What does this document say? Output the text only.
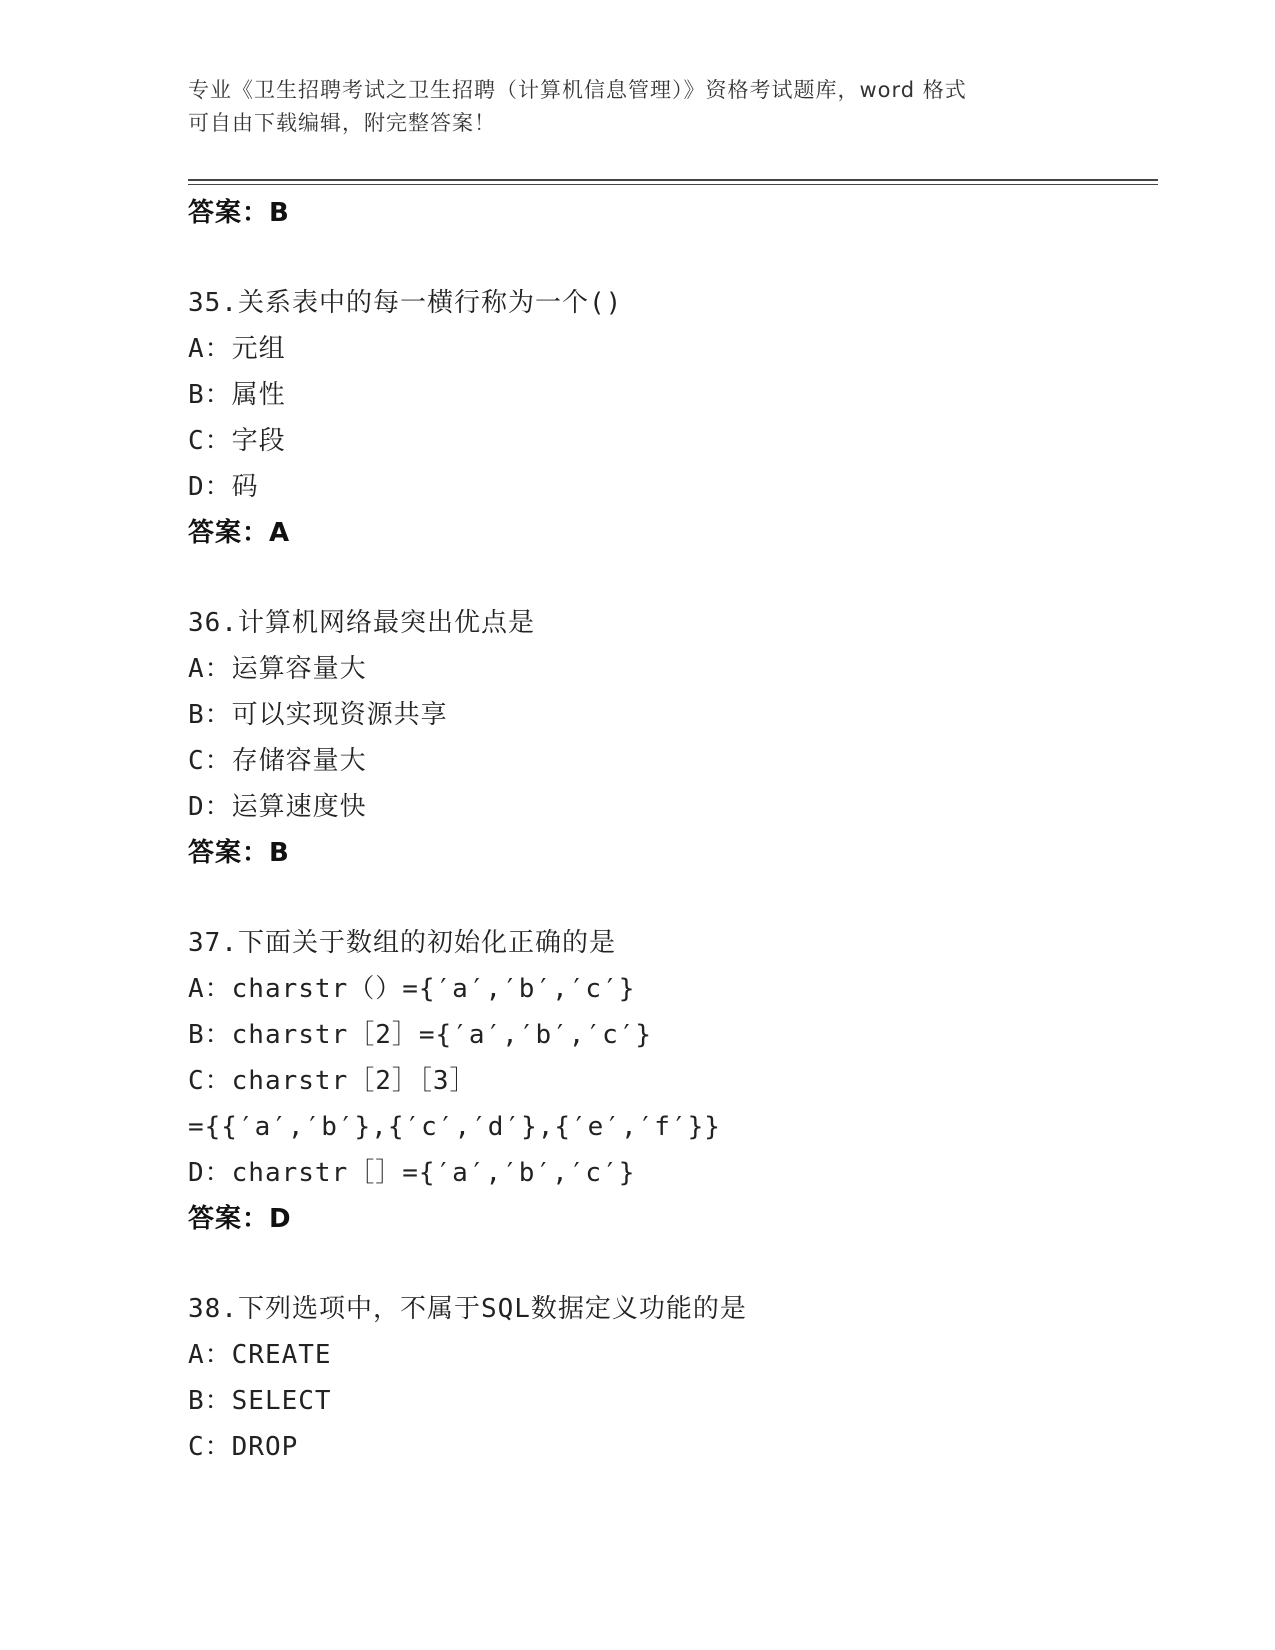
专业《卫生招聘考试之卫生招聘（计算机信息管理）》资格考试题库，word 格式
可自由下载编辑，附完整答案！
答案：B
35.关系表中的每一横行称为一个()
A：元组
B：属性
C：字段
D：码
答案：A
36.计算机网络最突出优点是
A：运算容量大
B：可以实现资源共享
C：存储容量大
D：运算速度快
答案：B
37.下面关于数组的初始化正确的是
A：charstr（）={′a′,′b′,′c′}
B：charstr［2］={′a′,′b′,′c′}
C：charstr［2］［3］
={{′a′,′b′},{′c′,′d′},{′e′,′f′}}
D：charstr［］={′a′,′b′,′c′}
答案：D
38.下列选项中，不属于SQL数据定义功能的是
A：CREATE
B：SELECT
C：DROP
